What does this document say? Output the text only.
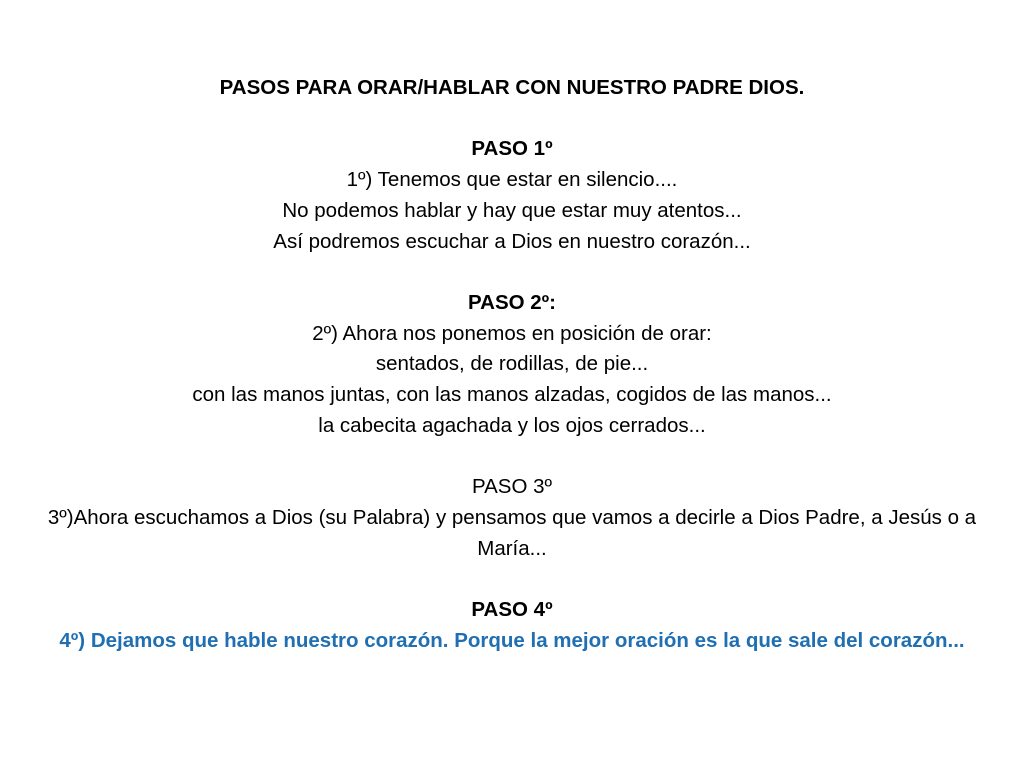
PASOS PARA ORAR/HABLAR CON NUESTRO PADRE DIOS.
PASO 1º
1º) Tenemos que estar en silencio....
No podemos hablar y hay que estar muy atentos...
Así podremos escuchar a Dios en nuestro corazón...
PASO 2º:
2º) Ahora nos ponemos en posición de orar:
sentados, de rodillas, de pie...
con las manos juntas, con las manos alzadas, cogidos de las manos...
la cabecita agachada y los ojos cerrados...
PASO 3º
3º)Ahora escuchamos a Dios (su Palabra) y pensamos que vamos a decirle a Dios Padre, a Jesús o a María...
PASO 4º
4º) Dejamos que hable nuestro corazón. Porque la mejor oración es la que sale del corazón...
